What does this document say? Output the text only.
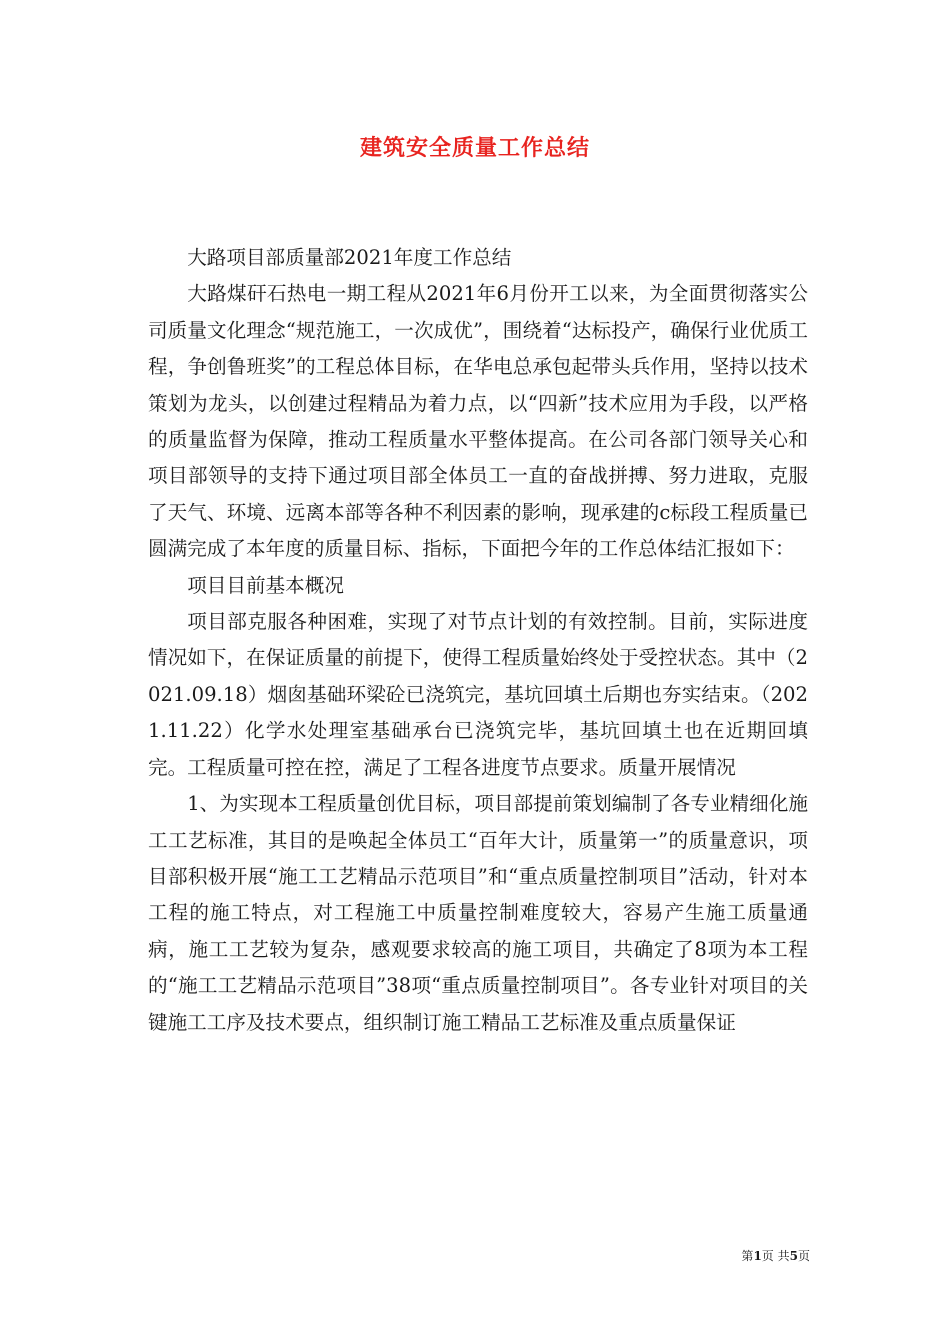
建筑安全质量工作总结

大路项目部质量部2021年度工作总结

大路煤矸石热电一期工程从2021年6月份开工以来，为全面贯彻落实公司质量文化理念“规范施工，一次成优”，围绕着“达标投产，确保行业优质工程，争创鲁班奖”的工程总体目标，在华电总承包起带头兵作用，坚持以技术策划为龙头，以创建过程精品为着力点，以“四新”技术应用为手段，以严格的质量监督为保障，推动工程质量水平整体提高。在公司各部门领导关心和项目部领导的支持下通过项目部全体员工一直的奋战拼搏、努力进取，克服了天气、环境、远离本部等各种不利因素的影响，现承建的c标段工程质量已圆满完成了本年度的质量目标、指标，下面把今年的工作总体结汇报如下：

项目目前基本概况

项目部克服各种困难，实现了对节点计划的有效控制。目前，实际进度情况如下，在保证质量的前提下，使得工程质量始终处于受控状态。其中（2021.09.18）烟囱基础环梁砼已浇筑完，基坑回填土后期也夯实结束。（2021.11.22）化学水处理室基础承台已浇筑完毕，基坑回填土也在近期回填完。工程质量可控在控，满足了工程各进度节点要求。质量开展情况

1、为实现本工程质量创优目标，项目部提前策划编制了各专业精细化施工工艺标准，其目的是唤起全体员工“百年大计，质量第一”的质量意识，项目部积极开展“施工工艺精品示范项目”和“重点质量控制项目”活动，针对本工程的施工特点，对工程施工中质量控制难度较大，容易产生施工质量通病，施工工艺较为复杂，感观要求较高的施工项目，共确定了8项为本工程的“施工工艺精品示范项目”38项“重点质量控制项目”。各专业针对项目的关键施工工序及技术要点，组织制订施工精品工艺标准及重点质量保证

第1页 共5页
